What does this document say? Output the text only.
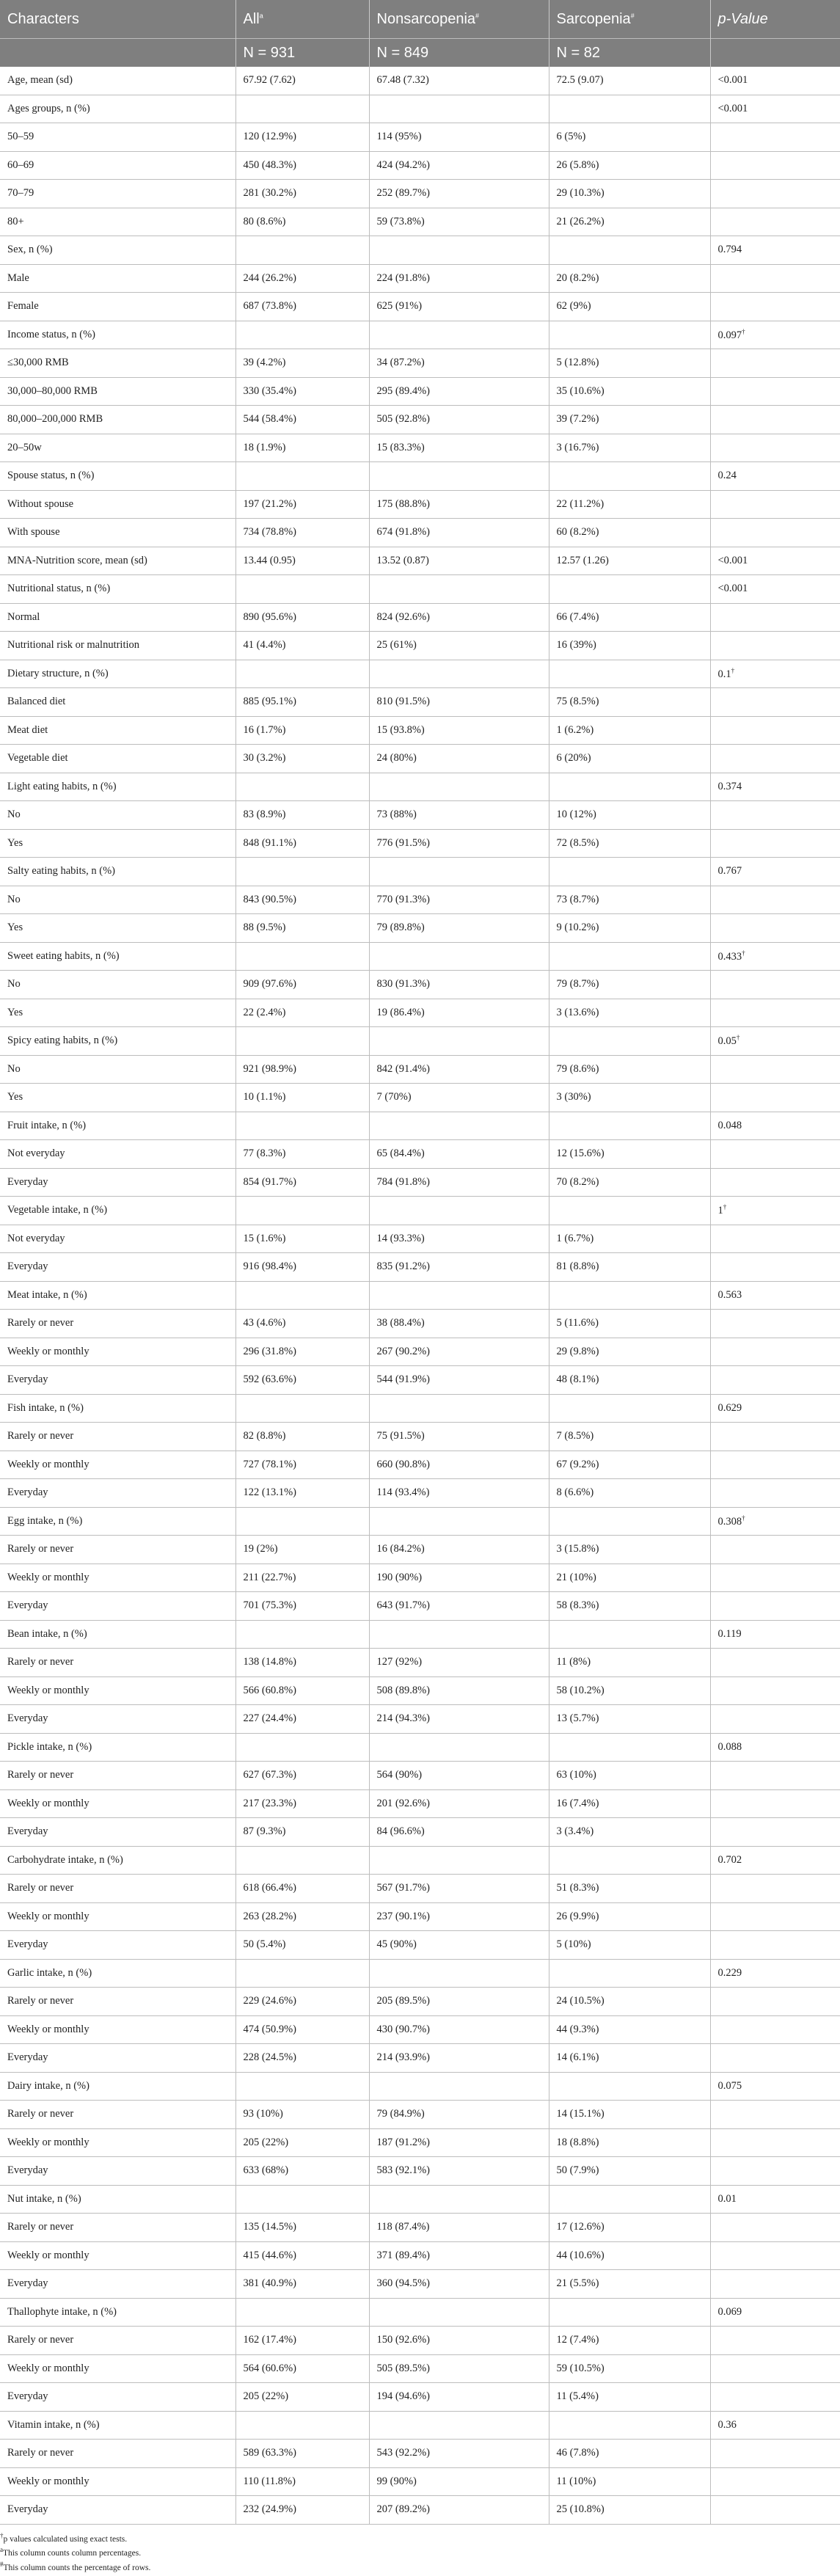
Characters	All$^a$	Nonsarcopenia#	Sarcopenia#	p-Value
	N = 931	N = 849	N = 82	
Age, mean (sd)	67.92 (7.62)	67.48 (7.32)	72.5 (9.07)	<0.001
Ages groups, n (%)				<0.001
50–59	120 (12.9%)	114 (95%)	6 (5%)	
60–69	450 (48.3%)	424 (94.2%)	26 (5.8%)	
70–79	281 (30.2%)	252 (89.7%)	29 (10.3%)	
80+	80 (8.6%)	59 (73.8%)	21 (26.2%)	
Sex, n (%)				0.794
Male	244 (26.2%)	224 (91.8%)	20 (8.2%)	
Female	687 (73.8%)	625 (91%)	62 (9%)	
Income status, n (%)				0.097†
≤30,000 RMB	39 (4.2%)	34 (87.2%)	5 (12.8%)	
30,000–80,000 RMB	330 (35.4%)	295 (89.4%)	35 (10.6%)	
80,000–200,000 RMB	544 (58.4%)	505 (92.8%)	39 (7.2%)	
20–50w	18 (1.9%)	15 (83.3%)	3 (16.7%)	
Spouse status, n (%)				0.24
Without spouse	197 (21.2%)	175 (88.8%)	22 (11.2%)	
With spouse	734 (78.8%)	674 (91.8%)	60 (8.2%)	
MNA-Nutrition score, mean (sd)	13.44 (0.95)	13.52 (0.87)	12.57 (1.26)	<0.001
Nutritional status, n (%)				<0.001
Normal	890 (95.6%)	824 (92.6%)	66 (7.4%)	
Nutritional risk or malnutrition	41 (4.4%)	25 (61%)	16 (39%)	
Dietary structure, n (%)				0.1†
Balanced diet	885 (95.1%)	810 (91.5%)	75 (8.5%)	
Meat diet	16 (1.7%)	15 (93.8%)	1 (6.2%)	
Vegetable diet	30 (3.2%)	24 (80%)	6 (20%)	
Light eating habits, n (%)				0.374
No	83 (8.9%)	73 (88%)	10 (12%)	
Yes	848 (91.1%)	776 (91.5%)	72 (8.5%)	
Salty eating habits, n (%)				0.767
No	843 (90.5%)	770 (91.3%)	73 (8.7%)	
Yes	88 (9.5%)	79 (89.8%)	9 (10.2%)	
Sweet eating habits, n (%)				0.433†
No	909 (97.6%)	830 (91.3%)	79 (8.7%)	
Yes	22 (2.4%)	19 (86.4%)	3 (13.6%)	
Spicy eating habits, n (%)				0.05†
No	921 (98.9%)	842 (91.4%)	79 (8.6%)	
Yes	10 (1.1%)	7 (70%)	3 (30%)	
Fruit intake, n (%)				0.048
Not everyday	77 (8.3%)	65 (84.4%)	12 (15.6%)	
Everyday	854 (91.7%)	784 (91.8%)	70 (8.2%)	
Vegetable intake, n (%)				1†
Not everyday	15 (1.6%)	14 (93.3%)	1 (6.7%)	
Everyday	916 (98.4%)	835 (91.2%)	81 (8.8%)	
Meat intake, n (%)				0.563
Rarely or never	43 (4.6%)	38 (88.4%)	5 (11.6%)	
Weekly or monthly	296 (31.8%)	267 (90.2%)	29 (9.8%)	
Everyday	592 (63.6%)	544 (91.9%)	48 (8.1%)	
Fish intake, n (%)				0.629
Rarely or never	82 (8.8%)	75 (91.5%)	7 (8.5%)	
Weekly or monthly	727 (78.1%)	660 (90.8%)	67 (9.2%)	
Everyday	122 (13.1%)	114 (93.4%)	8 (6.6%)	
Egg intake, n (%)				0.308†
Rarely or never	19 (2%)	16 (84.2%)	3 (15.8%)	
Weekly or monthly	211 (22.7%)	190 (90%)	21 (10%)	
Everyday	701 (75.3%)	643 (91.7%)	58 (8.3%)	
Bean intake, n (%)				0.119
Rarely or never	138 (14.8%)	127 (92%)	11 (8%)	
Weekly or monthly	566 (60.8%)	508 (89.8%)	58 (10.2%)	
Everyday	227 (24.4%)	214 (94.3%)	13 (5.7%)	
Pickle intake, n (%)				0.088
Rarely or never	627 (67.3%)	564 (90%)	63 (10%)	
Weekly or monthly	217 (23.3%)	201 (92.6%)	16 (7.4%)	
Everyday	87 (9.3%)	84 (96.6%)	3 (3.4%)	
Carbohydrate intake, n (%)				0.702
Rarely or never	618 (66.4%)	567 (91.7%)	51 (8.3%)	
Weekly or monthly	263 (28.2%)	237 (90.1%)	26 (9.9%)	
Everyday	50 (5.4%)	45 (90%)	5 (10%)	
Garlic intake, n (%)				0.229
Rarely or never	229 (24.6%)	205 (89.5%)	24 (10.5%)	
Weekly or monthly	474 (50.9%)	430 (90.7%)	44 (9.3%)	
Everyday	228 (24.5%)	214 (93.9%)	14 (6.1%)	
Dairy intake, n (%)				0.075
Rarely or never	93 (10%)	79 (84.9%)	14 (15.1%)	
Weekly or monthly	205 (22%)	187 (91.2%)	18 (8.8%)	
Everyday	633 (68%)	583 (92.1%)	50 (7.9%)	
Nut intake, n (%)				0.01
Rarely or never	135 (14.5%)	118 (87.4%)	17 (12.6%)	
Weekly or monthly	415 (44.6%)	371 (89.4%)	44 (10.6%)	
Everyday	381 (40.9%)	360 (94.5%)	21 (5.5%)	
Thallophyte intake, n (%)				0.069
Rarely or never	162 (17.4%)	150 (92.6%)	12 (7.4%)	
Weekly or monthly	564 (60.6%)	505 (89.5%)	59 (10.5%)	
Everyday	205 (22%)	194 (94.6%)	11 (5.4%)	
Vitamin intake, n (%)				0.36
Rarely or never	589 (63.3%)	543 (92.2%)	46 (7.8%)	
Weekly or monthly	110 (11.8%)	99 (90%)	11 (10%)	
Everyday	232 (24.9%)	207 (89.2%)	25 (10.8%)	
†p values calculated using exact tests.
$^a$This column counts column percentages.
#This column counts the percentage of rows.
